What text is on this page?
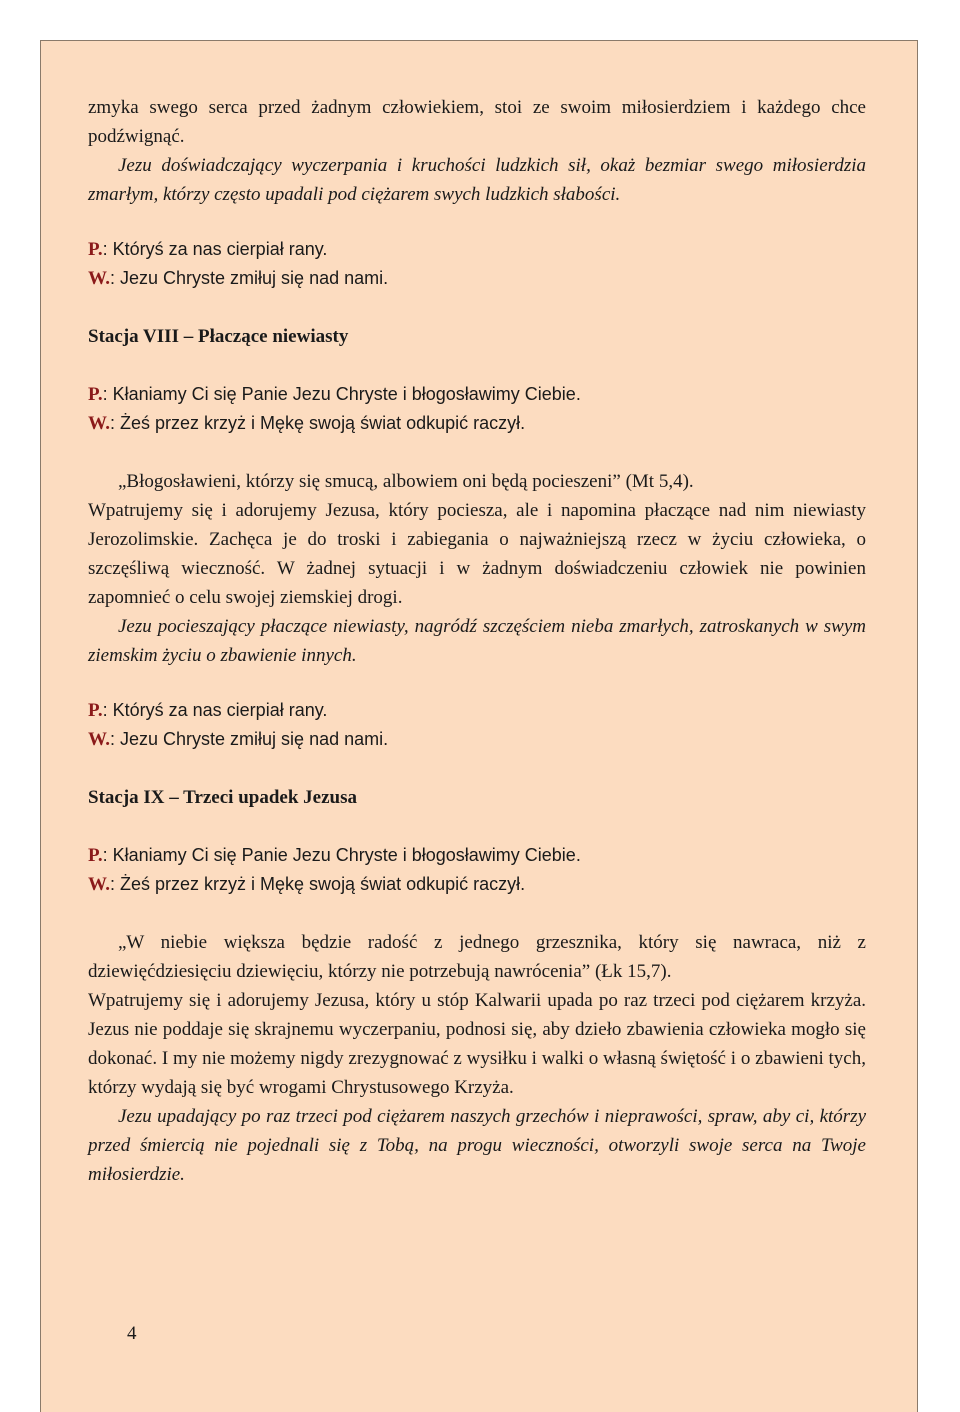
zmyka swego serca przed żadnym człowiekiem, stoi ze swoim miłosierdziem i każdego chce podźwignąć.

Jezu doświadczający wyczerpania i kruchości ludzkich sił, okaż bezmiar swego miłosierdzia zmarłym, którzy często upadali pod ciężarem swych ludzkich słabości.

P.: Któryś za nas cierpiał rany.

W.: Jezu Chryste zmiłuj się nad nami.

Stacja VIII – Płaczące niewiasty

P.: Kłaniamy Ci się Panie Jezu Chryste i błogosławimy Ciebie.

W.: Żeś przez krzyż i Mękę swoją świat odkupić raczył.

„Błogosławieni, którzy się smucą, albowiem oni będą pocieszeni” (Mt 5,4).

Wpatrujemy się i adorujemy Jezusa, który pociesza, ale i napomina płaczące nad nim niewiasty Jerozolimskie. Zachęca je do troski i zabiegania o najważniejszą rzecz w życiu człowieka, o szczęśliwą wieczność. W żadnej sytuacji i w żadnym doświadczeniu człowiek nie powinien zapomnieć o celu swojej ziemskiej drogi.

Jezu pocieszający płaczące niewiasty, nagródź szczęściem nieba zmarłych, zatroskanych w swym ziemskim życiu o zbawienie innych.

P.: Któryś za nas cierpiał rany.

W.: Jezu Chryste zmiłuj się nad nami.

Stacja IX – Trzeci upadek Jezusa

P.: Kłaniamy Ci się Panie Jezu Chryste i błogosławimy Ciebie.

W.: Żeś przez krzyż i Mękę swoją świat odkupić raczył.

„W niebie większa będzie radość z jednego grzesznika, który się nawraca, niż z dziewięćdziesięciu dziewięciu, którzy nie potrzebują nawrócenia” (Łk 15,7).

Wpatrujemy się i adorujemy Jezusa, który u stóp Kalwarii upada po raz trzeci pod ciężarem krzyża. Jezus nie poddaje się skrajnemu wyczerpaniu, podnosi się, aby dzieło zbawienia człowieka mogło się dokonać. I my nie możemy nigdy zrezygnować z wysiłku i walki o własną świętość i o zbawieni tych, którzy wydają się być wrogami Chrystusowego Krzyża.

Jezu upadający po raz trzeci pod ciężarem naszych grzechów i nieprawości, spraw, aby ci, którzy przed śmiercią nie pojednali się z Tobą, na progu wieczności, otworzyli swoje serca na Twoje miłosierdzie.

4
